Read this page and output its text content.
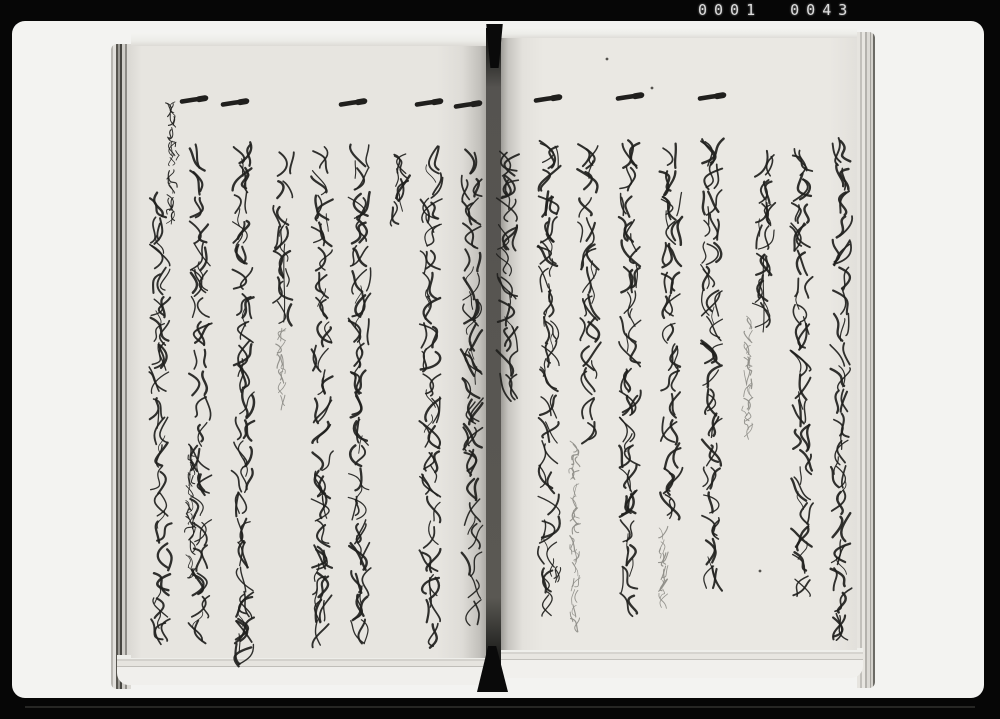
0001 0043
